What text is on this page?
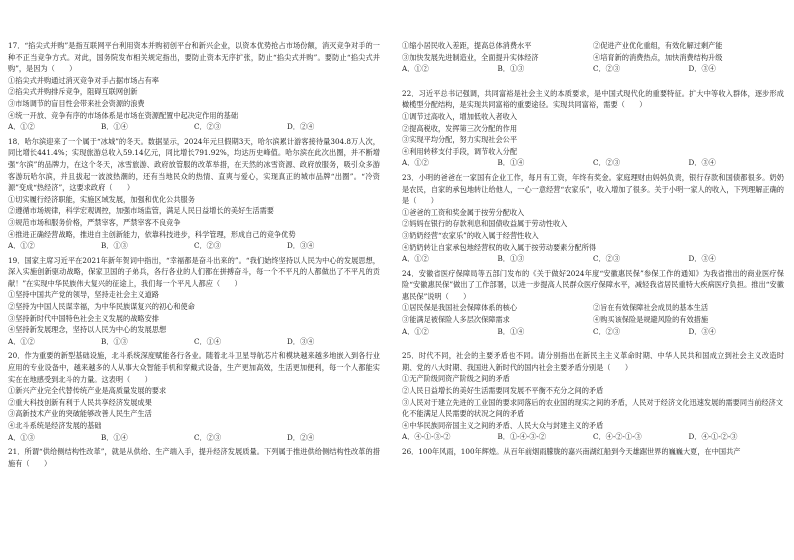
17．“掐尖式并购”是指互联网平台利用资本并购初创平台和新兴企业，以资本优势抢占市场份额，消灭竞争对手的一种不正当竞争方式。对此，国务院发布相关规定指出，要防止资本无序扩张，防止“掐尖式并购”。要防止“掐尖式并购”，是因为（　　）
①掐尖式并购通过消灭竞争对手占据市场占有率
②掐尖式并购排斥竞争，阻碍互联网创新
③市场调节的盲目性会带来社会资源的浪费
④统一开放、竞争有序的市场体系是市场在资源配置中起决定作用的基础
A．①②	B．①④	C．②③	D．②④
18．哈尔滨迎来了一个属于“冰城”的冬天。数据显示，2024年元旦假期3天，哈尔滨累计游客接待量304.8万人次，同比增长441.4%；实现旅游总收入59.14亿元，同比增长791.92%，均达历史峰值。哈尔滨在此次出圈，并不断增强“尔滨”的品牌力，在这个冬天，冰雪旅游、政府放管服的改革举措，在天然的冰雪资源、政府放服务，吸引众多游客游玩哈尔滨，并且拔起一波波热潮的，还有当地民众的热情、直爽与爱心，实现真正的城市品牌“出圈”。“冷资源”变成“热经济”，这要求政府（　　）
①切实履行经济职能，实施区域发展，加强和优化公共服务
②遵循市场规律，科学宏观调控，加强市场监管，满足人民日益增长的美好生活需要
③规范市场和服务价格，严禁宰客，严禁宰客不良竞争
④推进正确经营战略，推进自主创新能力，依靠科技进步，科学管理，形成自己的竞争优势
A．①②	B．①③	C．②③	D．③④
19．国家主席习近平在2021年新年贺词中指出，“幸福都是奋斗出来的”。“我们始终坚持以人民为中心的发展思想，深入实施创新驱动战略，保家卫国的子弟兵，各行各业的人们都在拼搏奋斗，每一个不平凡的人都做出了不平凡的贡献！”在实现中华民族伟大复兴的征途上，我们每一个平凡人都应（　　）
①坚持中国共产党的领导，坚持走社会主义道路
②坚持为中国人民谋幸福，为中华民族谋复兴的初心和使命
③坚持新时代中国特色社会主义发展的战略安排
④坚持新发展理念，坚持以人民为中心的发展思想
A．①②	B．①③	C．①④	D．③④
20．作为重要的新型基础设施，北斗系统深度赋能各行各业。随着北斗卫星导航芯片和模块越来越多地嵌入到各行业应用的专业设备中，越来越多的人从事大众智能手机和穿戴式设备，生产更加高效，生活更加便利，每一个人都能实实在在地感受到北斗的力量。这表明（　　）
①新兴产业完全代替传统产业是高质量发展的要求
②重大科技创新有利于人民共享经济发展成果
③高新技术产业的突破能够改善人民生产生活
④北斗系统是经济发展的基础
A．①③	B．①④	C．②③	D．②④
21．所谓“供给侧结构性改革”，就是从供给、生产端入手，提升经济发展质量。下列属于推进供给侧结构性改革的措施有（　　）
①缩小居民收入差距，提高总体消费水平	②促进产业优化重组，有效化解过剩产能
③加快发展先进制造业，全面提升实体经济	④培育新的消费热点，加快消费结构升级
A．①②	B．①③	C．②③	D．③④
22．习近平总书记强调，共同富裕是社会主义的本质要求，是中国式现代化的重要特征。扩大中等收入群体，逐步形成橄榄型分配结构，是实现共同富裕的重要途径。实现共同富裕，需要（　　）
①调节过高收入，增加低收入者收入
②提高税收，发挥第三次分配的作用
③实现平均分配，努力实现社会公平
④利用转移支付手段，调节收入分配
A．①②	B．①④	C．②③	D．③④
23．小明的爸爸在一家国有企业工作，每月有工资，年终有奖金。家庭理财由妈妈负责，银行存款和国债都很多。奶奶是农民，自家的承包地转让给他人，一心一意经营“农家乐”，收入增加了很多。关于小明一家人的收入，下列理解正确的是（　　）
①爸爸的工资和奖金属于按劳分配收入
②妈妈在银行的存款利息和国债收益属于劳动性收入
③奶奶经营“农家乐”的收入属于经营性收入
④奶奶转让自家承包地经营权的收入属于按劳动要素分配所得
A．①②	B．①③	C．②③	D．③④
24．安徽省医疗保障局等五部门发布的《关于做好2024年度“安徽惠民保”参保工作的通知》为我省推出的商业医疗保险“安徽惠民保”做出了工作部署，以进一步提高人民群众医疗保障水平，减轻我省居民重特大疾病医疗负担。推出“安徽惠民保”说明（　　）
①居民保是我国社会保障体系的核心	②旨在有效保障社会成员的基本生活
③能满足被保险人多层次保障需求	④购买该保险是规避风险的有效措施
A．①②	B．①④	C．②③	D．③④
25．时代不同，社会的主要矛盾也不同。请分别指出在新民主主义革命时期、中华人民共和国成立到社会主义改造时期、党的八大时期、我国进入新时代的国内社会主要矛盾分别是（　　）
①无产阶级同资产阶级之间的矛盾
②人民日益增长的美好生活需要同发展不平衡不充分之间的矛盾
③人民对于建立先进的工业国的要求同落后的农业国的现实之间的矛盾，人民对于经济文化迅速发展的需要同当前经济文化不能满足人民需要的状况之间的矛盾
④中华民族同帝国主义之间的矛盾、人民大众与封建主义的矛盾
A．④-①-③-②	B．①-④-③-②	C．④-②-①-③	D．④-①-②-③
26．100年风雨，100年辉煌。从百年前烟雨朦胧的嘉兴南湖红船到今天雄踞世界的巍巍大夏，在中国共产
